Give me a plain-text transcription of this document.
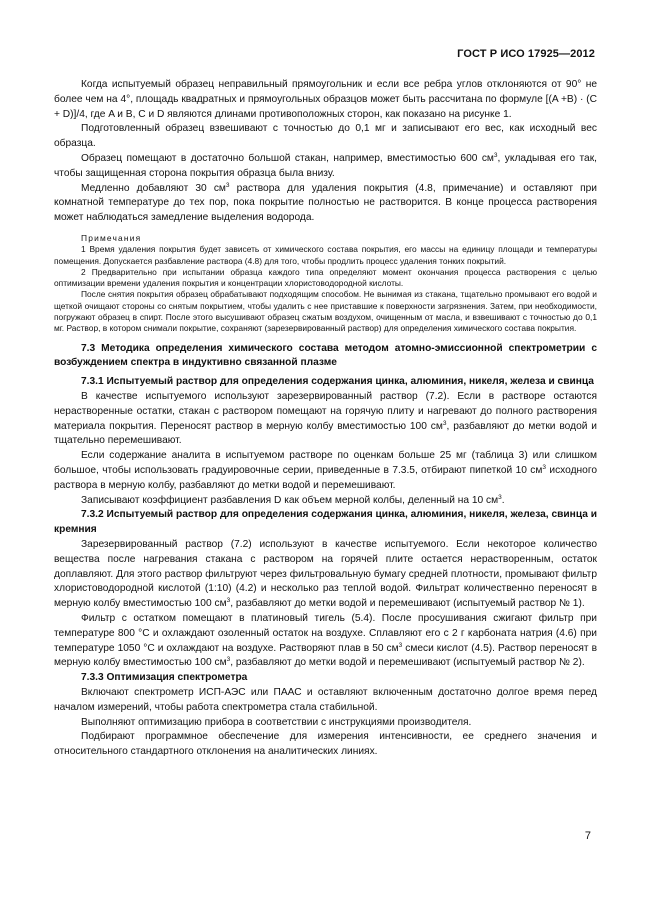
ГОСТ Р ИСО 17925—2012

Когда испытуемый образец неправильный прямоугольник и если все ребра углов отклоняются от 90° не более чем на 4°, площадь квадратных и прямоугольных образцов может быть рассчитана по формуле [(A +B) · (C + D)]/4, где A и B, C и D являются длинами противоположных сторон, как показано на рисунке 1.

Подготовленный образец взвешивают с точностью до 0,1 мг и записывают его вес, как исходный вес образца.

Образец помещают в достаточно большой стакан, например, вместимостью 600 $см^3$, укладывая его так, чтобы защищенная сторона покрытия образца была внизу.

Медленно добавляют 30 $см^3$ раствора для удаления покрытия (4.8, примечание) и оставляют при комнатной температуре до тех пор, пока покрытие полностью не растворится. В конце процесса растворения может наблюдаться замедление выделения водорода.

Примечания

1 Время удаления покрытия будет зависеть от химического состава покрытия, его массы на единицу площади и температуры помещения. Допускается разбавление раствора (4.8) для того, чтобы продлить процесс удаления тонких покрытий.

2 Предварительно при испытании образца каждого типа определяют момент окончания процесса растворения с целью оптимизации времени удаления покрытия и концентрации хлористоводородной кислоты.

После снятия покрытия образец обрабатывают подходящим способом. Не вынимая из стакана, тщательно промывают его водой и щеткой очищают стороны со снятым покрытием, чтобы удалить с нее приставшие к поверхности загрязнения. Затем, при необходимости, погружают образец в спирт. После этого высушивают образец сжатым воздухом, очищенным от масла, и взвешивают с точностью до 0,1 мг. Раствор, в котором снимали покрытие, сохраняют (зарезервированный раствор) для определения химического состава покрытия.

7.3 Методика определения химического состава методом атомно-эмиссионной спектрометрии с возбуждением спектра в индуктивно связанной плазме

7.3.1 Испытуемый раствор для определения содержания цинка, алюминия, никеля, железа и свинца

В качестве испытуемого используют зарезервированный раствор (7.2). Если в растворе остаются нерастворенные остатки, стакан с раствором помещают на горячую плиту и нагревают до полного растворения материала покрытия. Переносят раствор в мерную колбу вместимостью 100 $см^3$, разбавляют до метки водой и тщательно перемешивают.

Если содержание аналита в испытуемом растворе по оценкам больше 25 мг (таблица 3) или слишком большое, чтобы использовать градуировочные серии, приведенные в 7.3.5, отбирают пипеткой 10 $см^3$ исходного раствора в мерную колбу, разбавляют до метки водой и перемешивают.

Записывают коэффициент разбавления D как объем мерной колбы, деленный на 10 $см^3$.

7.3.2 Испытуемый раствор для определения содержания цинка, алюминия, никеля, железа, свинца и кремния

Зарезервированный раствор (7.2) используют в качестве испытуемого. Если некоторое количество вещества после нагревания стакана с раствором на горячей плите остается нерастворенным, остаток доплавляют. Для этого раствор фильтруют через фильтровальную бумагу средней плотности, промывают фильтр хлористоводородной кислотой (1:10) (4.2) и несколько раз теплой водой. Фильтрат количественно переносят в мерную колбу вместимостью 100 $см^3$, разбавляют до метки водой и перемешивают (испытуемый раствор № 1).

Фильтр с остатком помещают в платиновый тигель (5.4). После просушивания сжигают фильтр при температуре 800 °С и охлаждают озоленный остаток на воздухе. Сплавляют его с 2 г карбоната натрия (4.6) при температуре 1050 °С и охлаждают на воздухе. Растворяют плав в 50 $см^3$ смеси кислот (4.5). Раствор переносят в мерную колбу вместимостью 100 $см^3$, разбавляют до метки водой и перемешивают (испытуемый раствор № 2).

7.3.3 Оптимизация спектрометра

Включают спектрометр ИСП-АЭС или ПААС и оставляют включенным достаточно долгое время перед началом измерений, чтобы работа спектрометра стала стабильной.

Выполняют оптимизацию прибора в соответствии с инструкциями производителя.

Подбирают программное обеспечение для измерения интенсивности, ее среднего значения и относительного стандартного отклонения на аналитических линиях.

7
